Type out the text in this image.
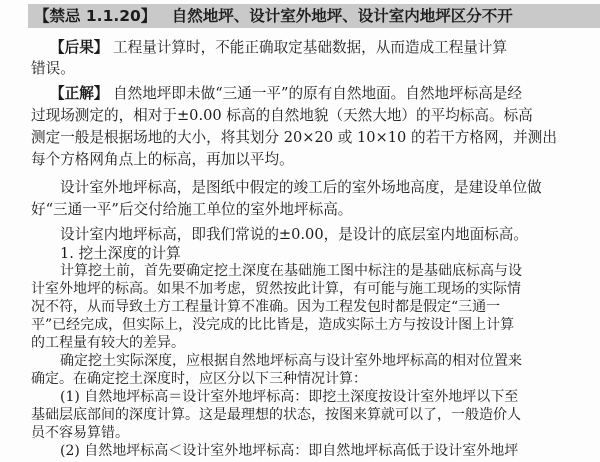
【禁忌 1.1.20】 自然地坪、设计室外地坪、设计室内地坪区分不开
【后果】 工程量计算时，不能正确取定基础数据，从而造成工程量计算
错误。
【正解】 自然地坪即未做“三通一平”的原有自然地面。自然地坪标高是经
过现场测定的，相对于±0.00 标高的自然地貌（天然大地）的平均标高。标高
测定一般是根据场地的大小，将其划分 20×20 或 10×10 的若干方格网，并测出
每个方格网角点上的标高，再加以平均。
设计室外地坪标高，是图纸中假定的竣工后的室外场地高度，是建设单位做
好“三通一平”后交付给施工单位的室外地坪标高。
设计室内地坪标高，即我们常说的±0.00，是设计的底层室内地面标高。
1. 挖土深度的计算
计算挖土前，首先要确定挖土深度在基础施工图中标注的是基础底标高与设
计室外地坪的标高。如果不加考虑，贸然按此计算，有可能与施工现场的实际情
况不符，从而导致土方工程量计算不准确。因为工程发包时都是假定“三通一
平”已经完成，但实际上，没完成的比比皆是，造成实际土方与按设计图上计算
的工程量有较大的差异。
确定挖土实际深度，应根据自然地坪标高与设计室外地坪标高的相对位置来
确定。在确定挖土深度时，应区分以下三种情况计算：
(1) 自然地坪标高＝设计室外地坪标高：即挖土深度按设计室外地坪以下至
基础层底部间的深度计算。这是最理想的状态，按图来算就可以了，一般造价人
员不容易算错。
(2) 自然地坪标高＜设计室外地坪标高：即自然地坪标高低于设计室外地坪
